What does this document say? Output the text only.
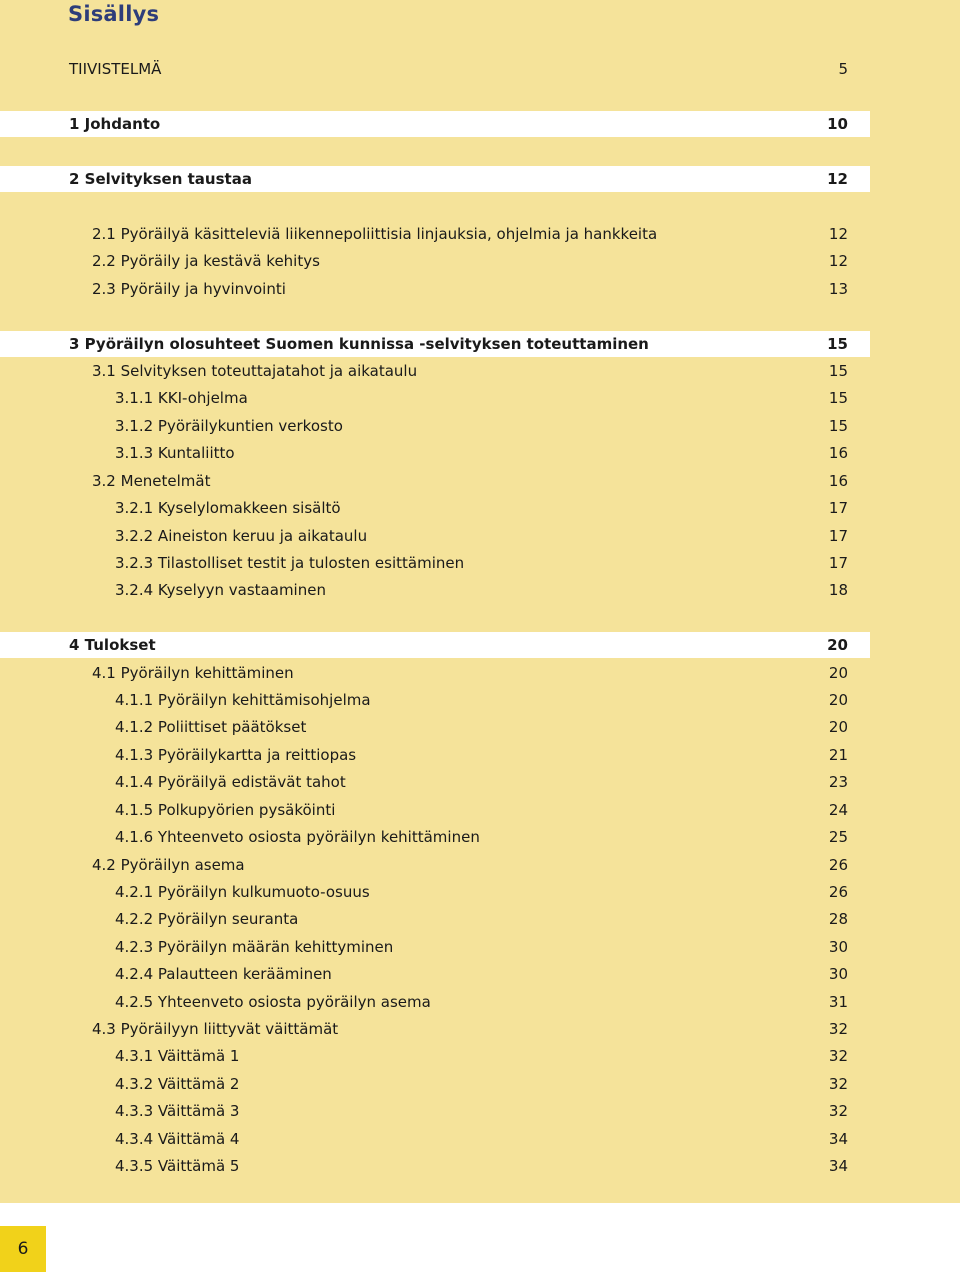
Sisällys
TIIVISTELMÄ	5
1 Johdanto	10
2 Selvityksen taustaa	12
2.1 Pyöräilyä käsitteleviä liikennepoliittisia linjauksia, ohjelmia ja hankkeita	12
2.2 Pyöräily ja kestävä kehitys	12
2.3 Pyöräily ja hyvinvointi	13
3 Pyöräilyn olosuhteet Suomen kunnissa -selvityksen toteuttaminen	15
3.1 Selvityksen toteuttajatahot ja aikataulu	15
3.1.1 KKI-ohjelma	15
3.1.2 Pyöräilykuntien verkosto	15
3.1.3 Kuntaliitto	16
3.2 Menetelmät	16
3.2.1 Kyselylomakkeen sisältö	17
3.2.2 Aineiston keruu ja aikataulu	17
3.2.3 Tilastolliset testit ja tulosten esittäminen	17
3.2.4 Kyselyyn vastaaminen	18
4 Tulokset	20
4.1 Pyöräilyn kehittäminen	20
4.1.1 Pyöräilyn kehittämisohjelma	20
4.1.2 Poliittiset päätökset	20
4.1.3 Pyöräilykartta ja reittiopas	21
4.1.4 Pyöräilyä edistävät tahot	23
4.1.5 Polkupyörien pysäköinti	24
4.1.6 Yhteenveto osiosta pyöräilyn kehittäminen	25
4.2 Pyöräilyn asema	26
4.2.1 Pyöräilyn kulkumuoto-osuus	26
4.2.2 Pyöräilyn seuranta	28
4.2.3 Pyöräilyn määrän kehittyminen	30
4.2.4 Palautteen kerääminen	30
4.2.5 Yhteenveto osiosta pyöräilyn asema	31
4.3 Pyöräilyyn liittyvät väittämät	32
4.3.1 Väittämä 1	32
4.3.2 Väittämä 2	32
4.3.3 Väittämä 3	32
4.3.4 Väittämä 4	34
4.3.5 Väittämä 5	34
6
